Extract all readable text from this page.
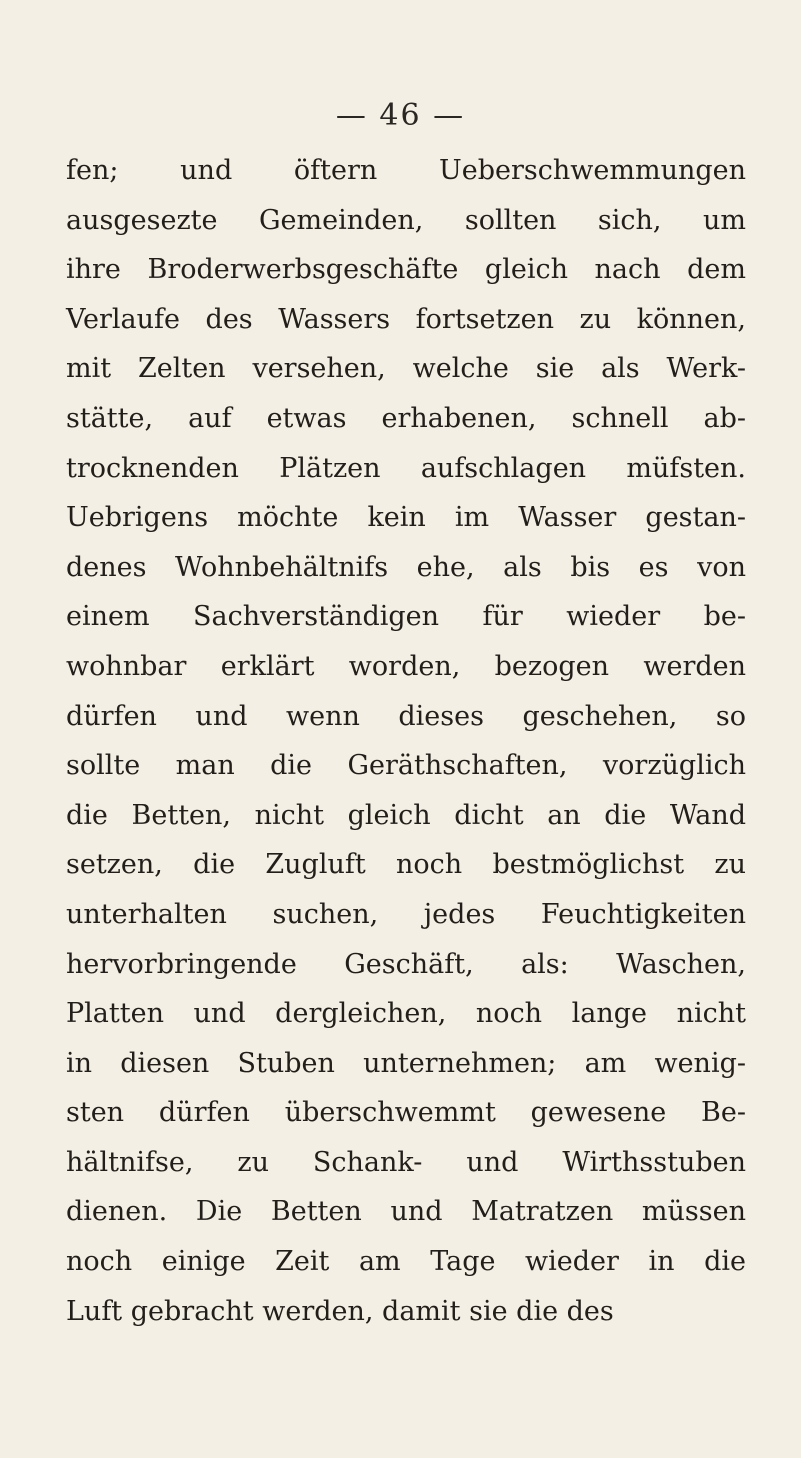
— 46 —
fen; und öftern Ueberschwemmungen
ausgesezte Gemeinden, sollten sich, um
ihre Broderwerbsgeschäfte gleich nach dem
Verlaufe des Wassers fortsetzen zu können,
mit Zelten versehen, welche sie als Werk-
stätte, auf etwas erhabenen, schnell ab-
trocknenden Plätzen aufschlagen müfsten.
Uebrigens möchte kein im Wasser gestan-
denes Wohnbehältnifs ehe, als bis es von
einem Sachverständigen für wieder be-
wohnbar erklärt worden, bezogen werden
dürfen und wenn dieses geschehen, so
sollte man die Geräthschaften, vorzüglich
die Betten, nicht gleich dicht an die Wand
setzen, die Zugluft noch bestmöglichst zu
unterhalten suchen, jedes Feuchtigkeiten
hervorbringende Geschäft, als: Waschen,
Platten und dergleichen, noch lange nicht
in diesen Stuben unternehmen; am wenig-
sten dürfen überschwemmt gewesene Be-
hältnifse, zu Schank- und Wirthsstuben
dienen. Die Betten und Matratzen müssen
noch einige Zeit am Tage wieder in die
Luft gebracht werden, damit sie die des
